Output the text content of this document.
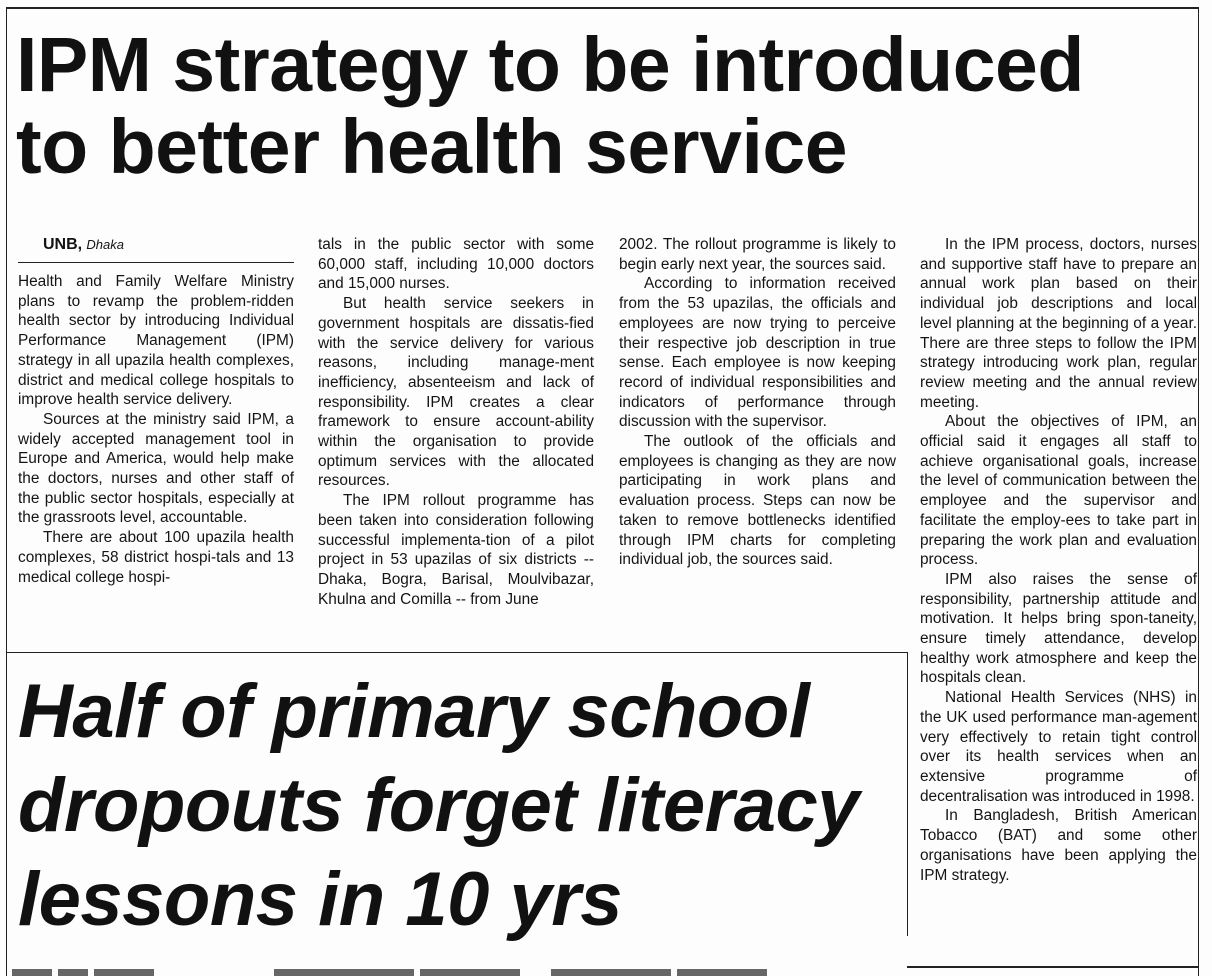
IPM strategy to be introduced
to better health service

UNB, Dhaka

Health and Family Welfare Ministry plans to revamp the problem-ridden health sector by introducing Individual Performance Management (IPM) strategy in all upazila health complexes, district and medical college hospitals to improve health service delivery.

Sources at the ministry said IPM, a widely accepted management tool in Europe and America, would help make the doctors, nurses and other staff of the public sector hospitals, especially at the grassroots level, accountable.

There are about 100 upazila health complexes, 58 district hospi-tals and 13 medical college hospi-

tals in the public sector with some 60,000 staff, including 10,000 doctors and 15,000 nurses.

But health service seekers in government hospitals are dissatis-fied with the service delivery for various reasons, including manage-ment inefficiency, absenteeism and lack of responsibility. IPM creates a clear framework to ensure account-ability within the organisation to provide optimum services with the allocated resources.

The IPM rollout programme has been taken into consideration following successful implementa-tion of a pilot project in 53 upazilas of six districts -- Dhaka, Bogra, Barisal, Moulvibazar, Khulna and Comilla -- from June

2002. The rollout programme is likely to begin early next year, the sources said.

According to information received from the 53 upazilas, the officials and employees are now trying to perceive their respective job description in true sense. Each employee is now keeping record of individual responsibilities and indicators of performance through discussion with the supervisor.

The outlook of the officials and employees is changing as they are now participating in work plans and evaluation process. Steps can now be taken to remove bottlenecks identified through IPM charts for completing individual job, the sources said.

In the IPM process, doctors, nurses and supportive staff have to prepare an annual work plan based on their individual job descriptions and local level planning at the beginning of a year. There are three steps to follow the IPM strategy introducing work plan, regular review meeting and the annual review meeting.

About the objectives of IPM, an official said it engages all staff to achieve organisational goals, increase the level of communication between the employee and the supervisor and facilitate the employ-ees to take part in preparing the work plan and evaluation process.

IPM also raises the sense of responsibility, partnership attitude and motivation. It helps bring spon-taneity, ensure timely attendance, develop healthy work atmosphere and keep the hospitals clean.

National Health Services (NHS) in the UK used performance man-agement very effectively to retain tight control over its health services when an extensive programme of decentralisation was introduced in 1998.

In Bangladesh, British American Tobacco (BAT) and some other organisations have been applying the IPM strategy.

Half of primary school
dropouts forget literacy
lessons in 10 yrs
